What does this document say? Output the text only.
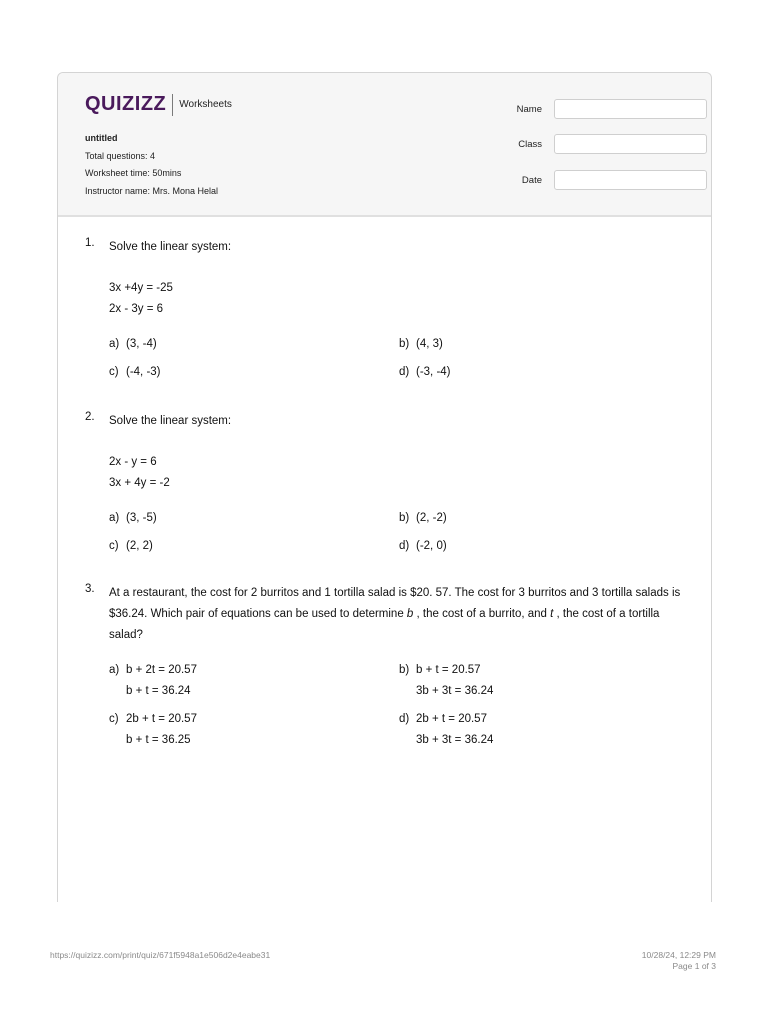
QUIZIZZ Worksheets
untitled
Total questions: 4
Worksheet time: 50mins
Instructor name: Mrs. Mona Helal
Name
Class
Date
1. Solve the linear system:
3x +4y = -25
2x - 3y = 6
a) (3, -4)	b) (4, 3)
c) (-4, -3)	d) (-3, -4)
2. Solve the linear system:
2x - y = 6
3x + 4y = -2
a) (3, -5)	b) (2, -2)
c) (2, 2)	d) (-2, 0)
3. At a restaurant, the cost for 2 burritos and 1 tortilla salad is $20. 57. The cost for 3 burritos and 3 tortilla salads is $36.24. Which pair of equations can be used to determine b , the cost of a burrito, and t , the cost of a tortilla salad?
a) b + 2t = 20.57
b + t = 36.24
b) b + t = 20.57
3b + 3t = 36.24
c) 2b + t = 20.57
b + t = 36.25
d) 2b + t = 20.57
3b + 3t = 36.24
https://quizizz.com/print/quiz/671f5948a1e506d2e4eabe31	10/28/24, 12:29 PM
Page 1 of 3
